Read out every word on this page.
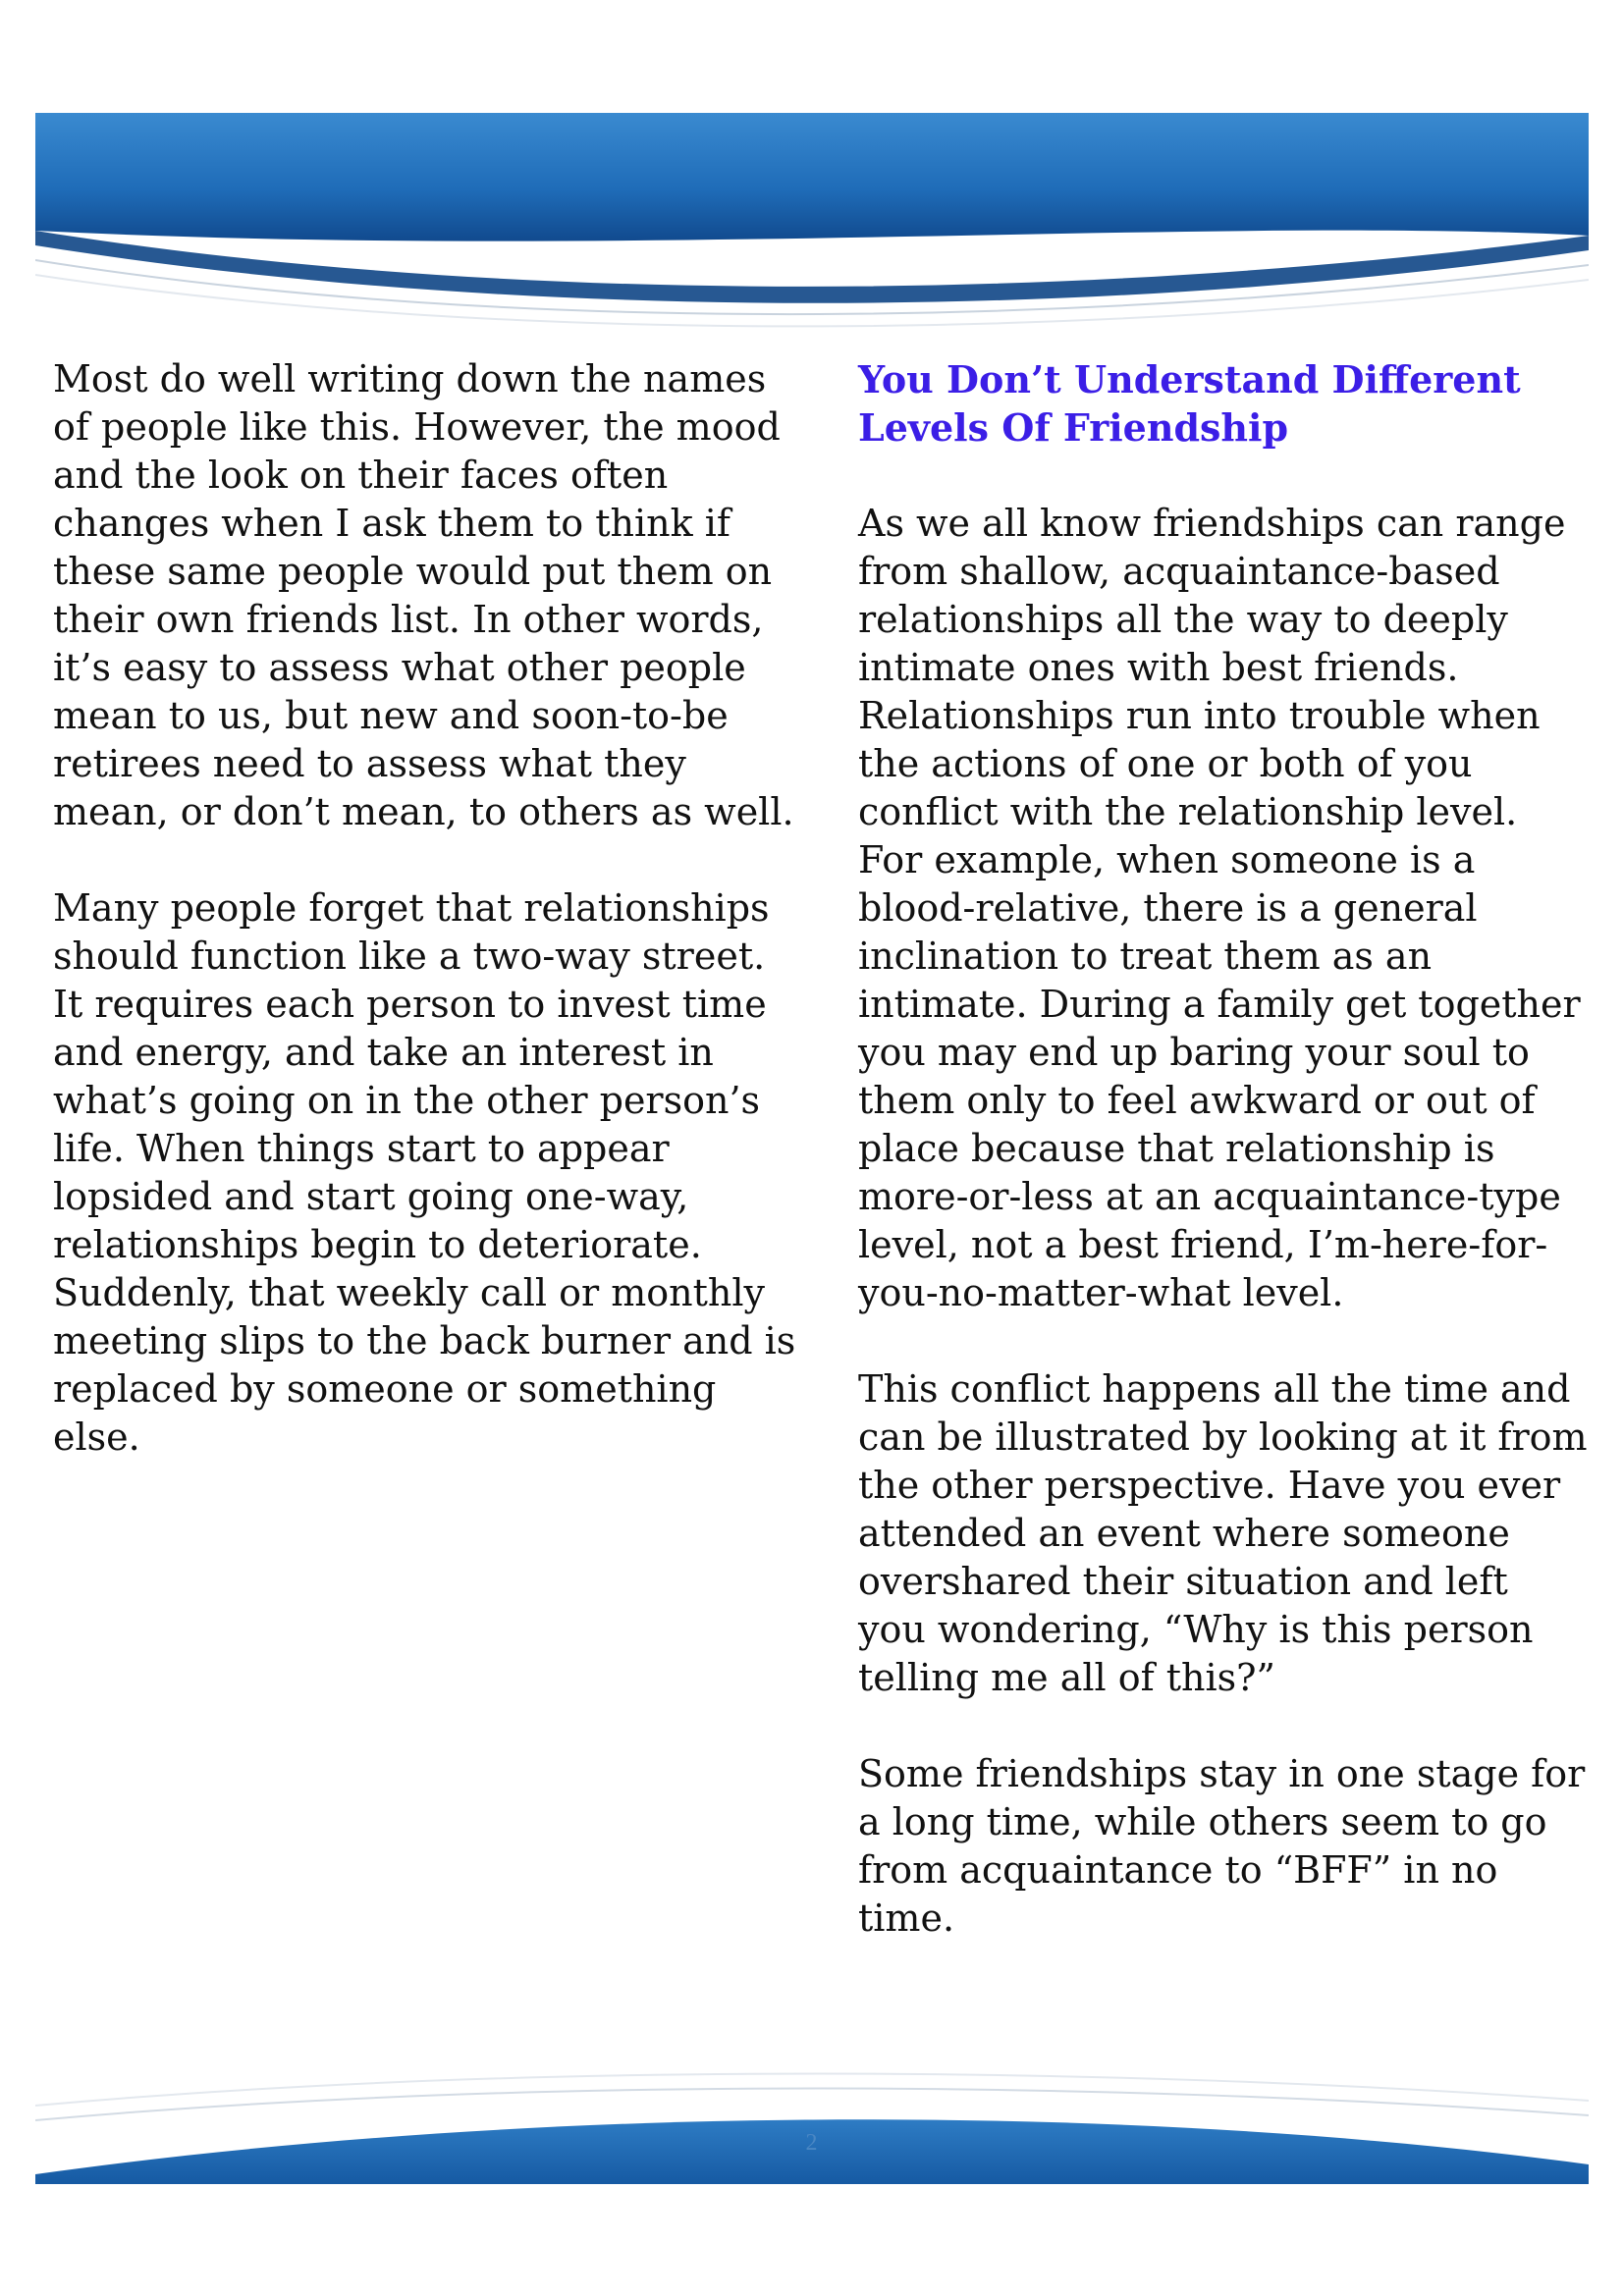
Most do well writing down the names
of people like this. However, the mood
and the look on their faces often
changes when I ask them to think if
these same people would put them on
their own friends list. In other words,
it’s easy to assess what other people
mean to us, but new and soon-to-be
retirees need to assess what they
mean, or don’t mean, to others as well.

Many people forget that relationships
should function like a two-way street.
It requires each person to invest time
and energy, and take an interest in
what’s going on in the other person’s
life. When things start to appear
lopsided and start going one-way,
relationships begin to deteriorate.
Suddenly, that weekly call or monthly
meeting slips to the back burner and is
replaced by someone or something
else.

You Don’t Understand Different
Levels Of Friendship

As we all know friendships can range
from shallow, acquaintance-based
relationships all the way to deeply
intimate ones with best friends.
Relationships run into trouble when
the actions of one or both of you
conflict with the relationship level.
For example, when someone is a
blood-relative, there is a general
inclination to treat them as an
intimate. During a family get together
you may end up baring your soul to
them only to feel awkward or out of
place because that relationship is
more-or-less at an acquaintance-type
level, not a best friend, I’m-here-for-
you-no-matter-what level.

This conflict happens all the time and
can be illustrated by looking at it from
the other perspective. Have you ever
attended an event where someone
overshared their situation and left
you wondering, “Why is this person
telling me all of this?”

Some friendships stay in one stage for
a long time, while others seem to go
from acquaintance to “BFF” in no
time.

2
